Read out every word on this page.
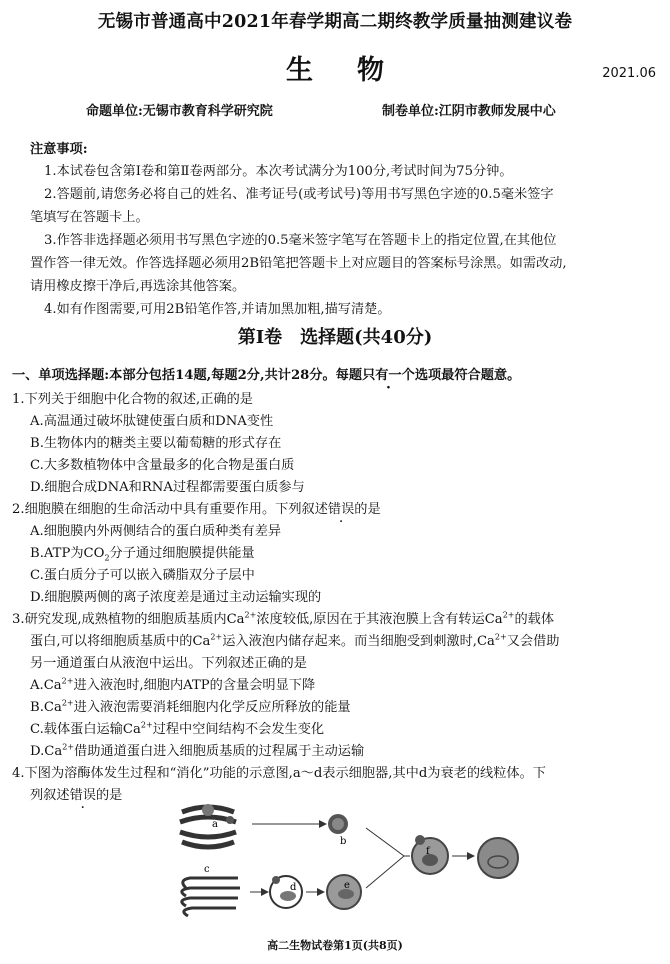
无锡市普通高中2021年春学期高二期终教学质量抽测建议卷
生物	2021.06
命题单位:无锡市教育科学研究院	制卷单位:江阴市教师发展中心
注意事项:
1.本试卷包含第Ⅰ卷和第Ⅱ卷两部分。本次考试满分为100分,考试时间为75分钟。
2.答题前,请您务必将自己的姓名、准考证号(或考试号)等用书写黑色字迹的0.5毫米签字
笔填写在答题卡上。
3.作答非选择题必须用书写黑色字迹的0.5毫米签字笔写在答题卡上的指定位置,在其他位
置作答一律无效。作答选择题必须用2B铅笔把答题卡上对应题目的答案标号涂黑。如需改动,
请用橡皮擦干净后,再选涂其他答案。
4.如有作图需要,可用2B铅笔作答,并请加黑加粗,描写清楚。
第Ⅰ卷　选择题(共40分)
一、单项选择题:本部分包括14题,每题2分,共计28分。每题只有一个选项最符合题意。
1.下列关于细胞中化合物的叙述,正确的是
A.高温通过破坏肽键使蛋白质和DNA变性
B.生物体内的糖类主要以葡萄糖的形式存在
C.大多数植物体中含量最多的化合物是蛋白质
D.细胞合成DNA和RNA过程都需要蛋白质参与
2.细胞膜在细胞的生命活动中具有重要作用。下列叙述错误的是
A.细胞膜内外两侧结合的蛋白质种类有差异
B.ATP为$CO_2$分子通过细胞膜提供能量
C.蛋白质分子可以嵌入磷脂双分子层中
D.细胞膜两侧的离子浓度差是通过主动运输实现的
3.研究发现,成熟植物的细胞质基质内$Ca^{2+}$浓度较低,原因在于其液泡膜上含有转运$Ca^{2+}$的载体
蛋白,可以将细胞质基质中的$Ca^{2+}$运入液泡内储存起来。而当细胞受到刺激时$,Ca^{2+}$又会借助
另一通道蛋白从液泡中运出。下列叙述正确的是
$A.Ca^{2+}$进入液泡时,细胞内ATP的含量会明显下降
$B.Ca^{2+}$进入液泡需要消耗细胞内化学反应所释放的能量
C.载体蛋白运输$Ca^{2+}$过程中空间结构不会发生变化
$D.Ca^{2+}$借助通道蛋白进入细胞质基质的过程属于主动运输
4.下图为溶酶体发生过程和“消化”功能的示意图,a～d表示细胞器,其中d为衰老的线粒体。下
列叙述错误的是
a
b
c
d	e
f
高二生物试卷第1页(共8页)
